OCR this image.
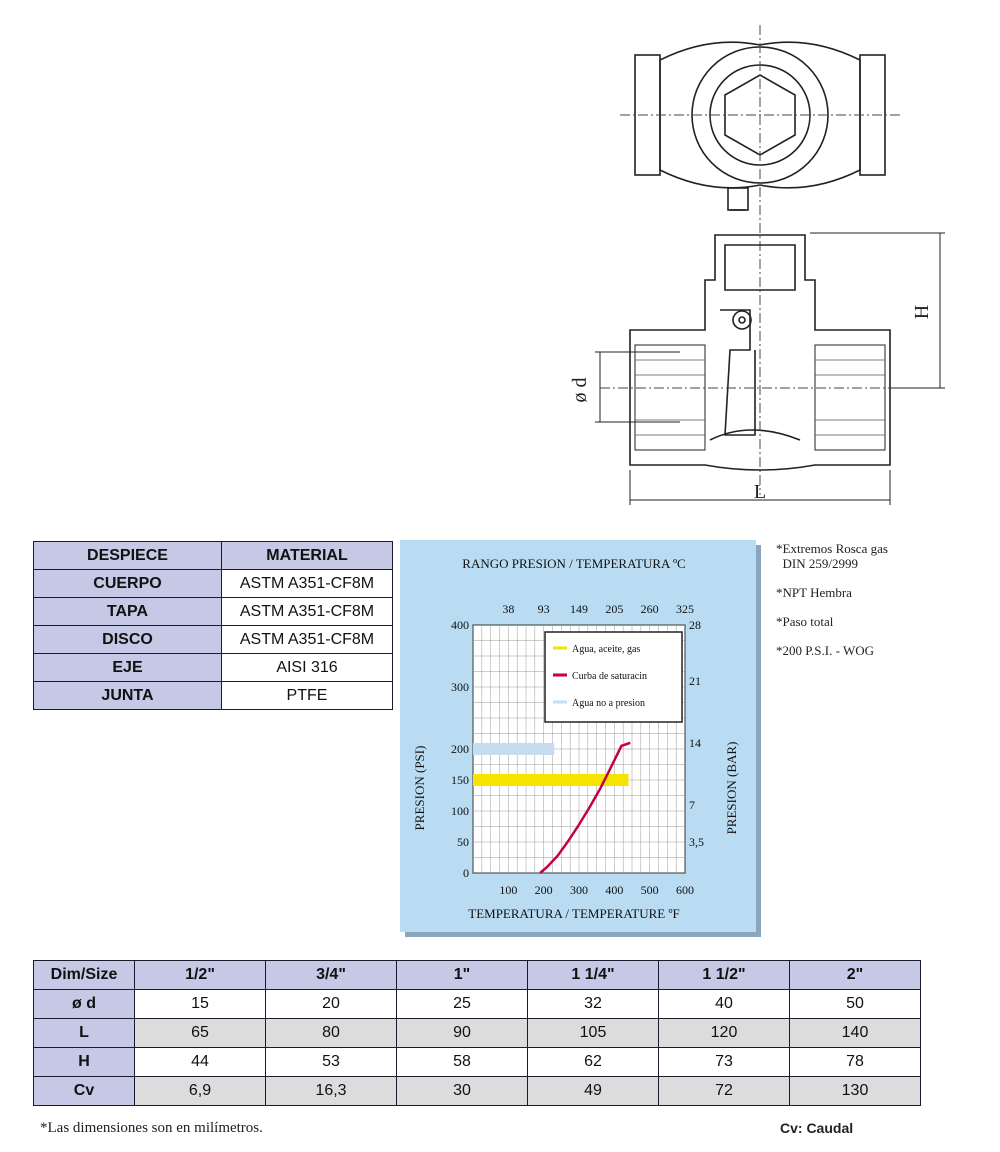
ø d
H
L
DESPIECE	MATERIAL
CUERPO	ASTM A351-CF8M
TAPA	ASTM A351-CF8M
DISCO	ASTM A351-CF8M
EJE	AISI 316
JUNTA	PTFE

*Extremos Rosca gas
DIN 259/2999

*NPT Hembra

*Paso total

*200 P.S.I. - WOG

RANGO PRESION / TEMPERATURA ºC
TEMPERATURA / TEMPERATURE ºF
PRESION (PSI)	PRESION (BAR)
100 200 300 400 500 600
0
50
100
150
200
300
400
38 93 149 205 260 325
28
21
14
7
3,5
Agua, aceite, gas
Curba de saturacin
Agua no a presion
Dim/Size	1/2"	3/4"	1"	1 1/4"	1 1/2"	2"
ø d	15	20	25	32	40	50
L	65	80	90	105	120	140
H	44	53	58	62	73	78
Cv	6,9	16,3	30	49	72	130
*Las dimensiones son en milímetros.	Cv: Caudal
